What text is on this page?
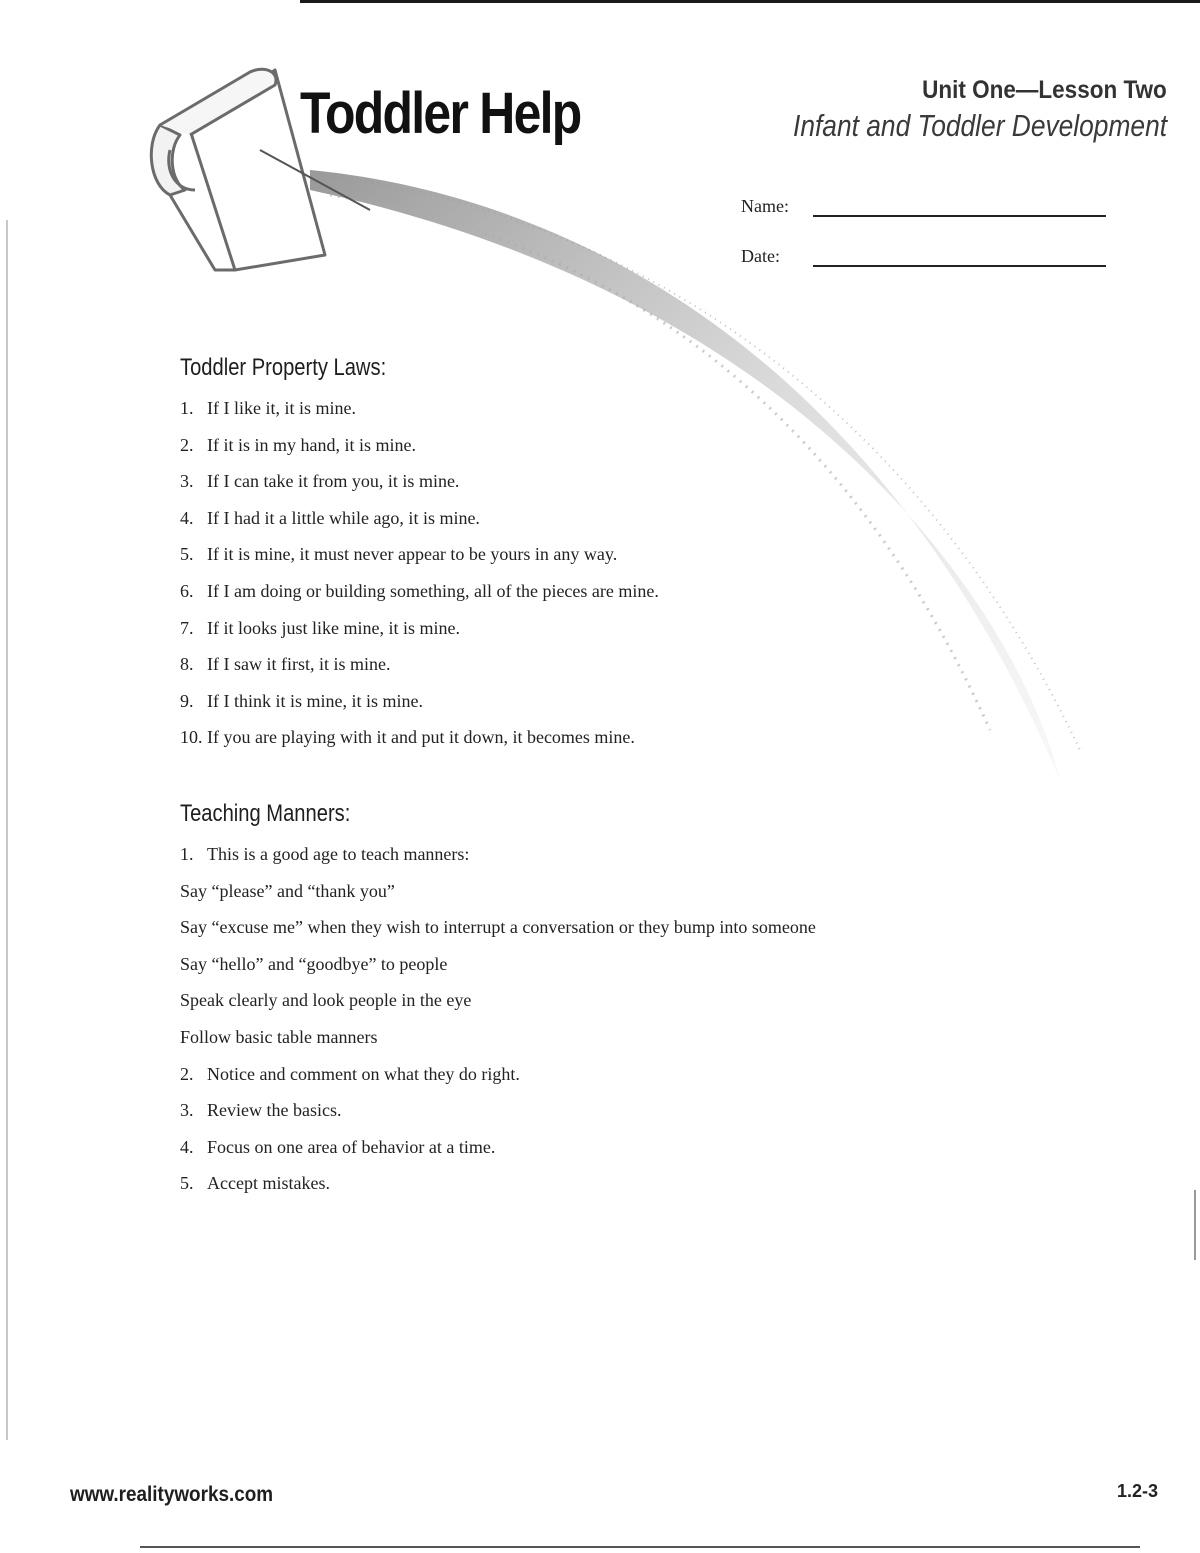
Toddler Help	Unit One—Lesson Two

Infant and Toddler Development

Name:
Date:
Toddler Property Laws:
1. If I like it, it is mine.
2. If it is in my hand, it is mine.
3. If I can take it from you, it is mine.
4. If I had it a little while ago, it is mine.
5. If it is mine, it must never appear to be yours in any way.
6. If I am doing or building something, all of the pieces are mine.
7. If it looks just like mine, it is mine.
8. If I saw it first, it is mine.
9. If I think it is mine, it is mine.
10. If you are playing with it and put it down, it becomes mine.
Teaching Manners:
1. This is a good age to teach manners:
Say “please” and “thank you”
Say “excuse me” when they wish to interrupt a conversation or they bump into someone
Say “hello” and “goodbye” to people
Speak clearly and look people in the eye
Follow basic table manners
2. Notice and comment on what they do right.
3. Review the basics.
4. Focus on one area of behavior at a time.
5. Accept mistakes.

www.realityworks.com	1.2-3
